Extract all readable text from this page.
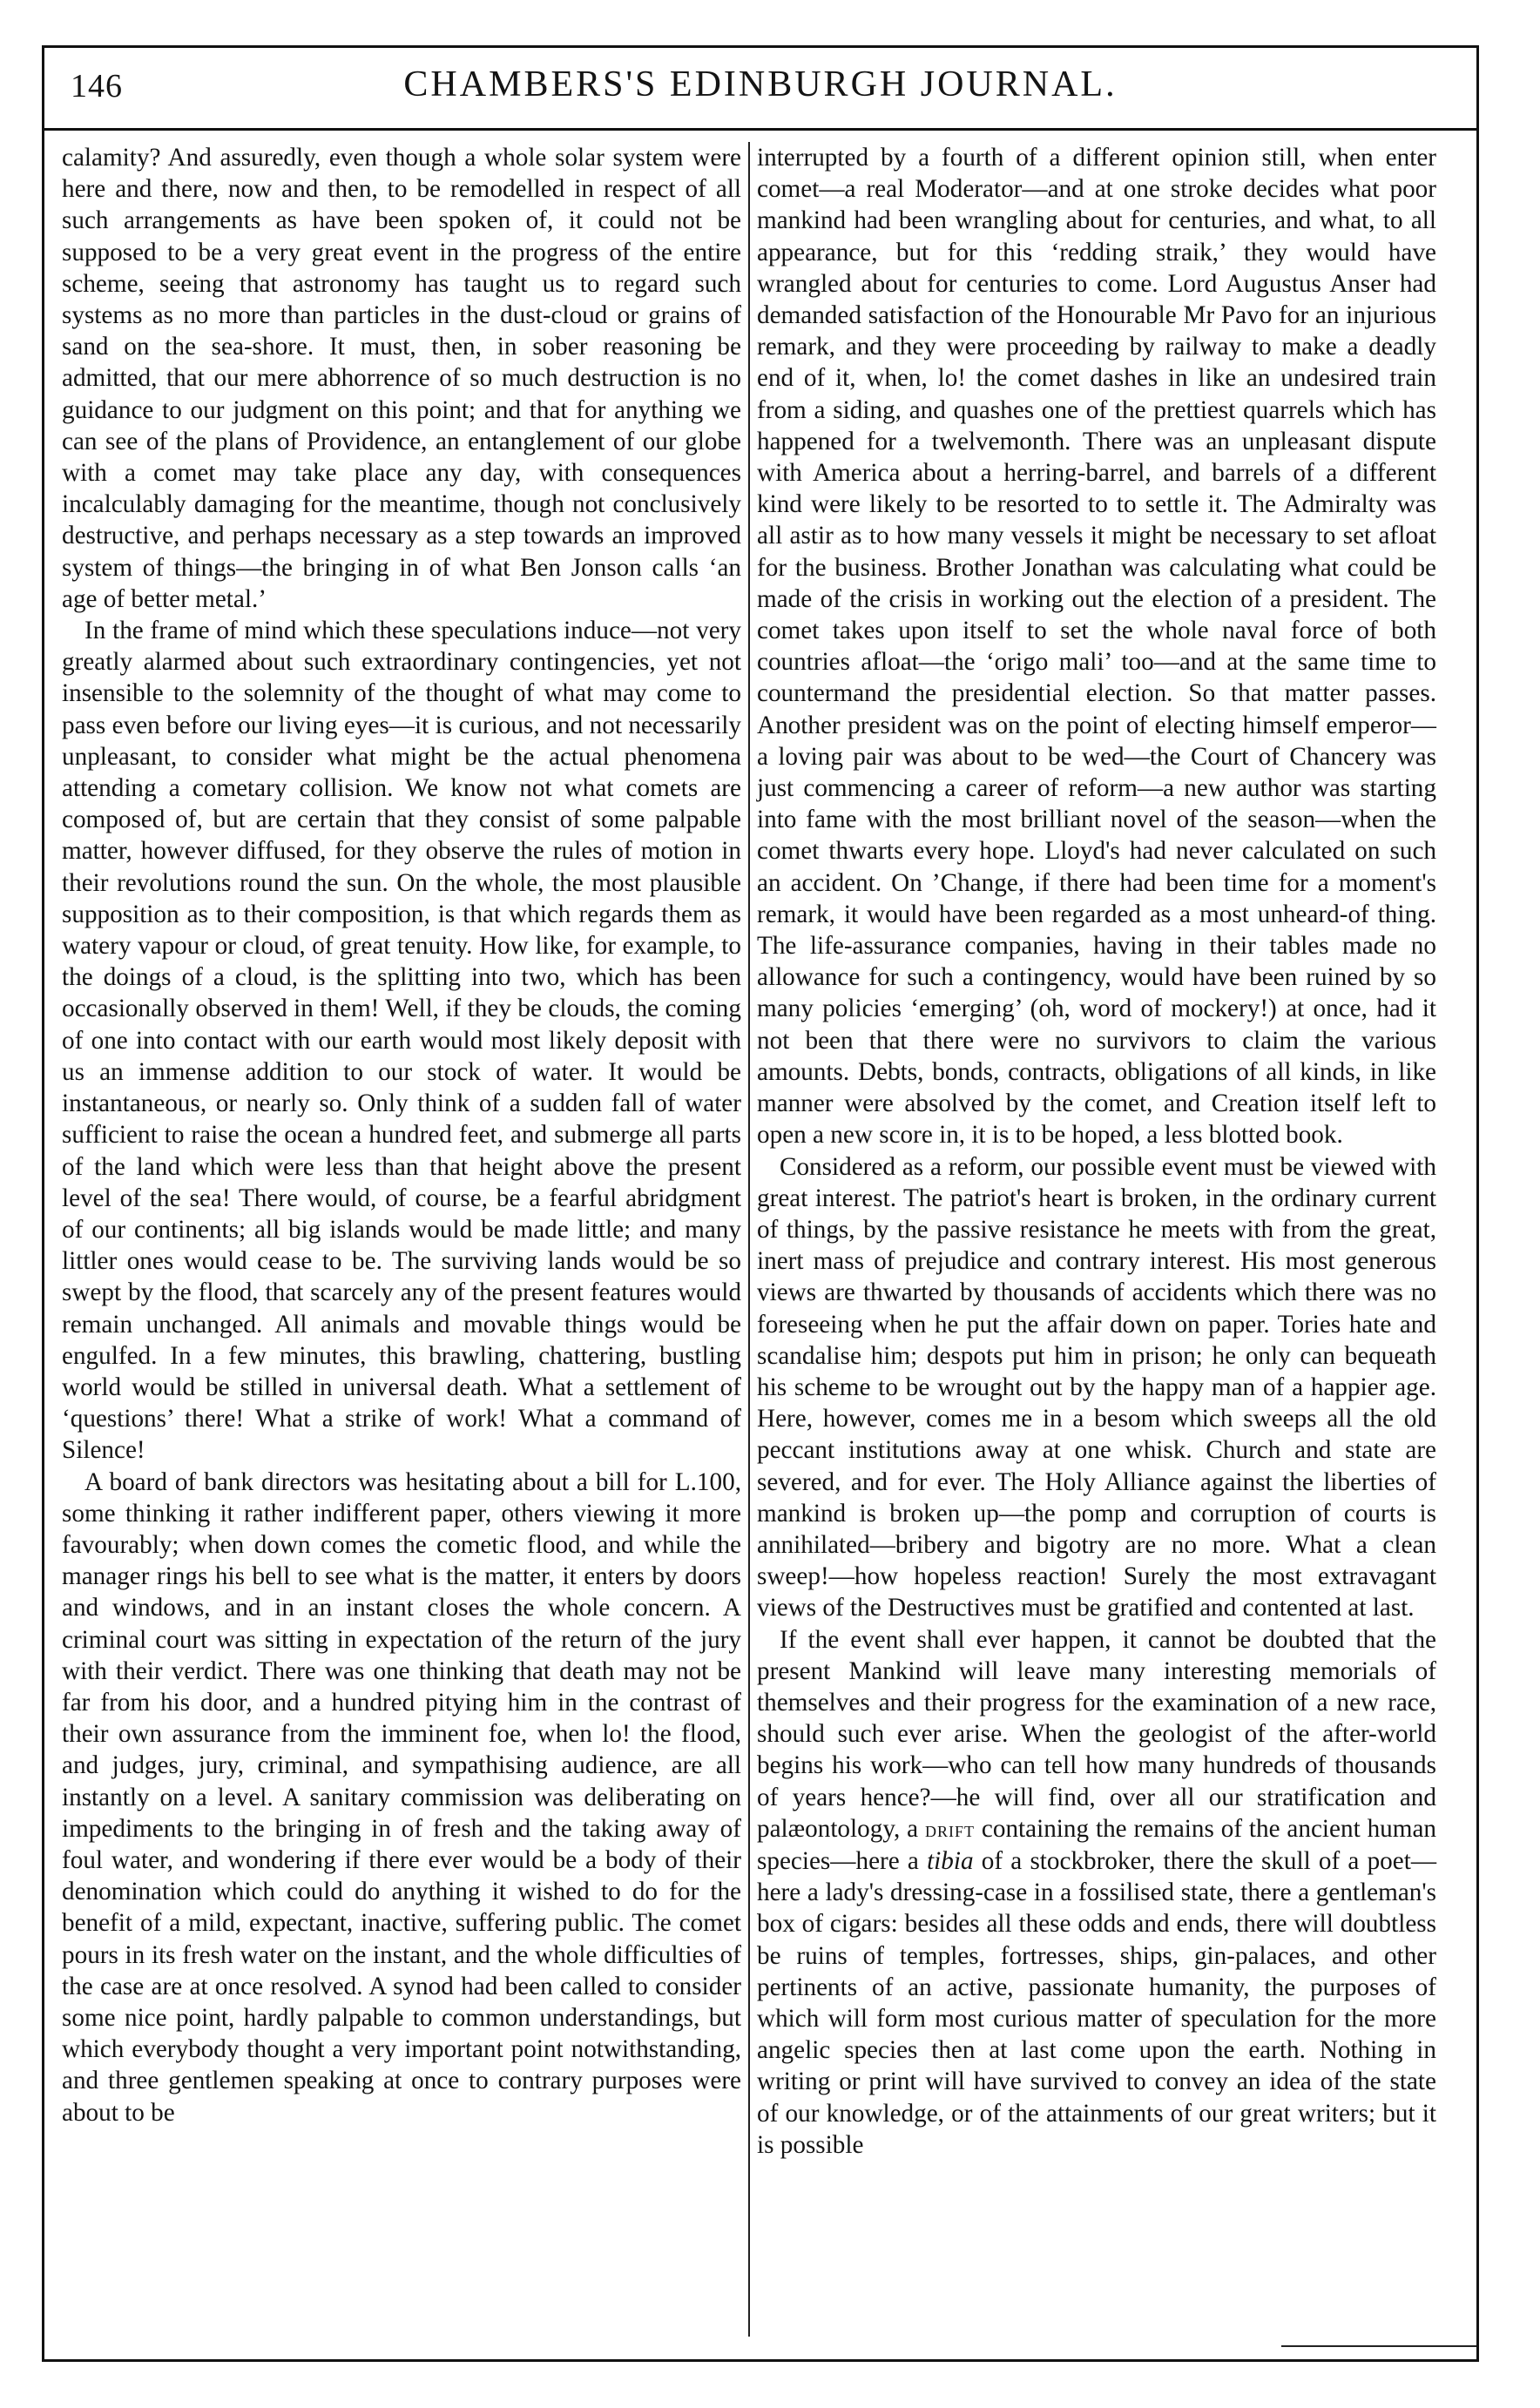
146	CHAMBERS'S EDINBURGH JOURNAL.

calamity? And assuredly, even though a whole solar system were here and there, now and then, to be remodelled in respect of all such arrangements as have been spoken of, it could not be supposed to be a very great event in the progress of the entire scheme, seeing that astronomy has taught us to regard such systems as no more than particles in the dust-cloud or grains of sand on the sea-shore. It must, then, in sober reasoning be admitted, that our mere abhorrence of so much destruction is no guidance to our judgment on this point; and that for anything we can see of the plans of Providence, an entanglement of our globe with a comet may take place any day, with consequences incalculably damaging for the meantime, though not conclusively destructive, and perhaps necessary as a step towards an improved system of things—the bringing in of what Ben Jonson calls ‘an age of better metal.’

In the frame of mind which these speculations induce—not very greatly alarmed about such extraordinary contingencies, yet not insensible to the solemnity of the thought of what may come to pass even before our living eyes—it is curious, and not necessarily unpleasant, to consider what might be the actual phenomena attending a cometary collision. We know not what comets are composed of, but are certain that they consist of some palpable matter, however diffused, for they observe the rules of motion in their revolutions round the sun. On the whole, the most plausible supposition as to their composition, is that which regards them as watery vapour or cloud, of great tenuity. How like, for example, to the doings of a cloud, is the splitting into two, which has been occasionally observed in them! Well, if they be clouds, the coming of one into contact with our earth would most likely deposit with us an immense addition to our stock of water. It would be instantaneous, or nearly so. Only think of a sudden fall of water sufficient to raise the ocean a hundred feet, and submerge all parts of the land which were less than that height above the present level of the sea! There would, of course, be a fearful abridgment of our continents; all big islands would be made little; and many littler ones would cease to be. The surviving lands would be so swept by the flood, that scarcely any of the present features would remain unchanged. All animals and movable things would be engulfed. In a few minutes, this brawling, chattering, bustling world would be stilled in universal death. What a settlement of ‘questions’ there! What a strike of work! What a command of Silence!

A board of bank directors was hesitating about a bill for L.100, some thinking it rather indifferent paper, others viewing it more favourably; when down comes the cometic flood, and while the manager rings his bell to see what is the matter, it enters by doors and windows, and in an instant closes the whole concern. A criminal court was sitting in expectation of the return of the jury with their verdict. There was one thinking that death may not be far from his door, and a hundred pitying him in the contrast of their own assurance from the imminent foe, when lo! the flood, and judges, jury, criminal, and sympathising audience, are all instantly on a level. A sanitary commission was deliberating on impediments to the bringing in of fresh and the taking away of foul water, and wondering if there ever would be a body of their denomination which could do anything it wished to do for the benefit of a mild, expectant, inactive, suffering public. The comet pours in its fresh water on the instant, and the whole difficulties of the case are at once resolved. A synod had been called to consider some nice point, hardly palpable to common understandings, but which everybody thought a very important point notwithstanding, and three gentlemen speaking at once to contrary purposes were about to be

interrupted by a fourth of a different opinion still, when enter comet—a real Moderator—and at one stroke decides what poor mankind had been wrangling about for centuries, and what, to all appearance, but for this ‘redding straik,’ they would have wrangled about for centuries to come. Lord Augustus Anser had demanded satisfaction of the Honourable Mr Pavo for an injurious remark, and they were proceeding by railway to make a deadly end of it, when, lo! the comet dashes in like an undesired train from a siding, and quashes one of the prettiest quarrels which has happened for a twelvemonth. There was an unpleasant dispute with America about a herring-barrel, and barrels of a different kind were likely to be resorted to to settle it. The Admiralty was all astir as to how many vessels it might be necessary to set afloat for the business. Brother Jonathan was calculating what could be made of the crisis in working out the election of a president. The comet takes upon itself to set the whole naval force of both countries afloat—the ‘origo mali’ too—and at the same time to countermand the presidential election. So that matter passes. Another president was on the point of electing himself emperor—a loving pair was about to be wed—the Court of Chancery was just commencing a career of reform—a new author was starting into fame with the most brilliant novel of the season—when the comet thwarts every hope. Lloyd's had never calculated on such an accident. On ’Change, if there had been time for a moment's remark, it would have been regarded as a most unheard-of thing. The life-assurance companies, having in their tables made no allowance for such a contingency, would have been ruined by so many policies ‘emerging’ (oh, word of mockery!) at once, had it not been that there were no survivors to claim the various amounts. Debts, bonds, contracts, obligations of all kinds, in like manner were absolved by the comet, and Creation itself left to open a new score in, it is to be hoped, a less blotted book.

Considered as a reform, our possible event must be viewed with great interest. The patriot's heart is broken, in the ordinary current of things, by the passive resistance he meets with from the great, inert mass of prejudice and contrary interest. His most generous views are thwarted by thousands of accidents which there was no foreseeing when he put the affair down on paper. Tories hate and scandalise him; despots put him in prison; he only can bequeath his scheme to be wrought out by the happy man of a happier age. Here, however, comes me in a besom which sweeps all the old peccant institutions away at one whisk. Church and state are severed, and for ever. The Holy Alliance against the liberties of mankind is broken up—the pomp and corruption of courts is annihilated—bribery and bigotry are no more. What a clean sweep!—how hopeless reaction! Surely the most extravagant views of the Destructives must be gratified and contented at last.

If the event shall ever happen, it cannot be doubted that the present Mankind will leave many interesting memorials of themselves and their progress for the examination of a new race, should such ever arise. When the geologist of the after-world begins his work—who can tell how many hundreds of thousands of years hence?—he will find, over all our stratification and palæontology, a drift containing the remains of the ancient human species—here a tibia of a stockbroker, there the skull of a poet—here a lady's dressing-case in a fossilised state, there a gentleman's box of cigars: besides all these odds and ends, there will doubtless be ruins of temples, fortresses, ships, gin-palaces, and other pertinents of an active, passionate humanity, the purposes of which will form most curious matter of speculation for the more angelic species then at last come upon the earth. Nothing in writing or print will have survived to convey an idea of the state of our knowledge, or of the attainments of our great writers; but it is possible
